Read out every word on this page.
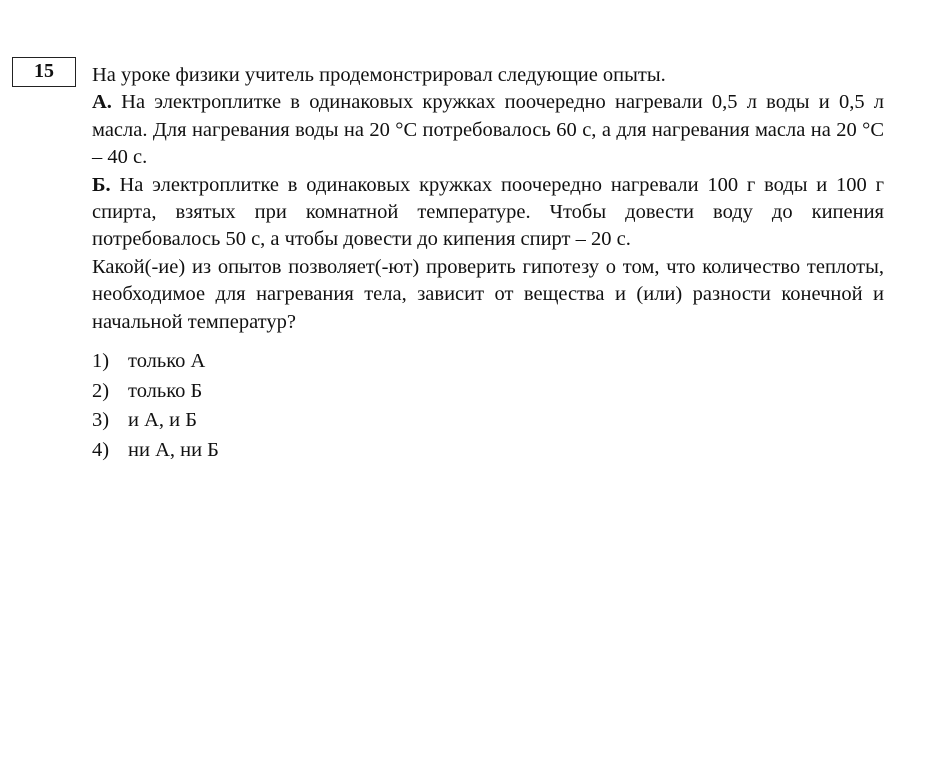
15	На уроке физики учитель продемонстрировал следующие опыты.

А. На электроплитке в одинаковых кружках поочередно нагревали 0,5 л воды и 0,5 л масла. Для нагревания воды на 20 °С потребовалось 60 с, а для нагревания масла на 20 °С – 40 с.

Б. На электроплитке в одинаковых кружках поочередно нагревали 100 г воды и 100 г спирта, взятых при комнатной температуре. Чтобы довести воду до кипения потребовалось 50 с, а чтобы довести до кипения спирт – 20 с.

Какой(-ие) из опытов позволяет(-ют) проверить гипотезу о том, что количество теплоты, необходимое для нагревания тела, зависит от вещества и (или) разности конечной и начальной температур?

1) только А
2) только Б
3) и А, и Б
4) ни А, ни Б
